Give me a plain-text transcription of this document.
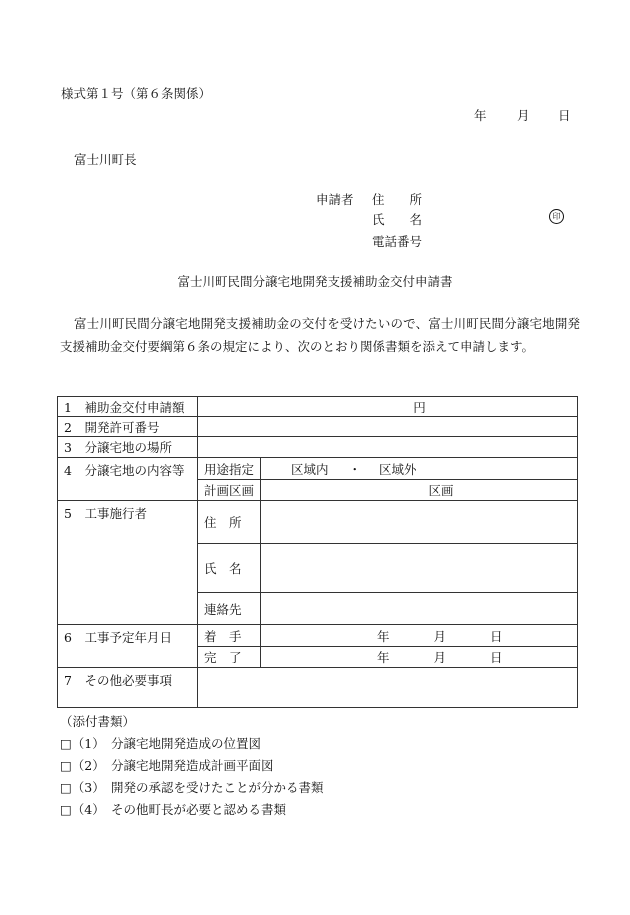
様式第１号（第６条関係）
年 月 日
富士川町長
申請者 住　　所
氏　　名	印
電話番号
富士川町民間分譲宅地開発支援補助金交付申請書
富士川町民間分譲宅地開発支援補助金の交付を受けたいので、富士川町民間分譲宅地開発支援補助金交付要綱第６条の規定により、次のとおり関係書類を添えて申請します。
1　補助金交付申請額	円	
2　開発許可番号		
3　分譲宅地の場所		
4　分譲宅地の内容等	用途指定	区域内 ・ 区域外
	計画区画	区画
5　工事施行者	住　所	
	氏　名	
	連絡先	
6　工事予定年月日	着　手	年 月 日
	完　了	年 月 日
7　その他必要事項		
（添付書類）
□（1）　分譲宅地開発造成の位置図
□（2）　分譲宅地開発造成計画平面図
□（3）　開発の承認を受けたことが分かる書類
□（4）　その他町長が必要と認める書類
